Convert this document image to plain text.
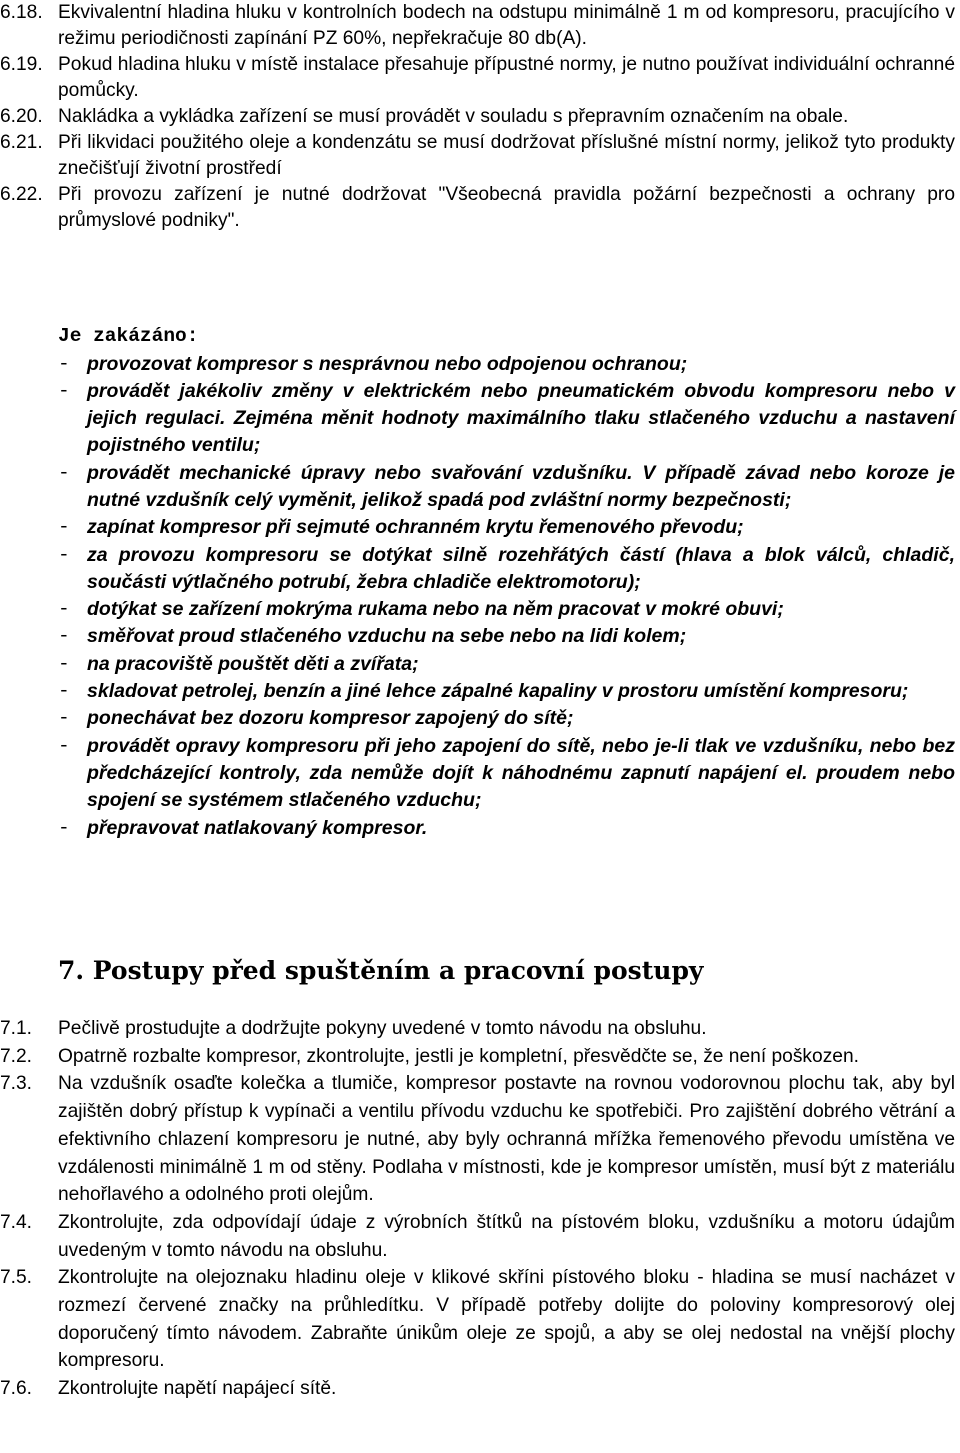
6.18. Ekvivalentní hladina hluku v kontrolních bodech na odstupu minimálně 1 m od kompresoru, pracujícího v režimu periodičnosti zapínání PZ 60%, nepřekračuje 80 db(A).
6.19. Pokud hladina hluku v místě instalace přesahuje přípustné normy, je nutno používat individuální ochranné pomůcky.
6.20. Nakládka a vykládka zařízení se musí provádět v souladu s přepravním označením na obale.
6.21. Při likvidaci použitého oleje a kondenzátu se musí dodržovat příslušné místní normy, jelikož tyto produkty znečišťují životní prostředí
6.22. Při provozu zařízení je nutné dodržovat "Všeobecná pravidla požární bezpečnosti a ochrany pro průmyslové podniky".
Je zakázáno:
- provozovat kompresor s nesprávnou nebo odpojenou ochranou;
- provádět jakékoliv změny v elektrickém nebo pneumatickém obvodu kompresoru nebo v jejich regulaci. Zejména měnit hodnoty maximálního tlaku stlačeného vzduchu a nastavení pojistného ventilu;
- provádět mechanické úpravy nebo svařování vzdušníku. V případě závad nebo koroze je nutné vzdušník celý vyměnit, jelikož spadá pod zvláštní normy bezpečnosti;
- zapínat kompresor při sejmuté ochranném krytu řemenového převodu;
- za provozu kompresoru se dotýkat silně rozehřátých částí (hlava a blok válců, chladič, součásti výtlačného potrubí, žebra chladiče elektromotoru);
- dotýkat se zařízení mokrýma rukama nebo na něm pracovat v mokré obuvi;
- směřovat proud stlačeného vzduchu na sebe nebo na lidi kolem;
- na pracoviště pouštět děti a zvířata;
- skladovat petrolej, benzín a jiné lehce zápalné kapaliny v prostoru umístění kompresoru;
- ponechávat bez dozoru kompresor zapojený do sítě;
- provádět opravy kompresoru při jeho zapojení do sítě, nebo je-li tlak ve vzdušníku, nebo bez předcházející kontroly, zda nemůže dojít k náhodnému zapnutí napájení el. proudem nebo spojení se systémem stlačeného vzduchu;
- přepravovat natlakovaný kompresor.
7. Postupy před spuštěním a pracovní postupy
7.1. Pečlivě prostudujte a dodržujte pokyny uvedené v tomto návodu na obsluhu.
7.2. Opatrně rozbalte kompresor, zkontrolujte, jestli je kompletní, přesvědčte se, že není poškozen.
7.3. Na vzdušník osaďte kolečka a tlumiče, kompresor postavte na rovnou vodorovnou plochu tak, aby byl zajištěn dobrý přístup k vypínači a ventilu přívodu vzduchu ke spotřebiči. Pro zajištění dobrého větrání a efektivního chlazení kompresoru je nutné, aby byly ochranná mřížka řemenového převodu umístěna ve vzdálenosti minimálně 1 m od stěny. Podlaha v místnosti, kde je kompresor umístěn, musí být z materiálu nehořlavého a odolného proti olejům.
7.4. Zkontrolujte, zda odpovídají údaje z výrobních štítků na pístovém bloku, vzdušníku a motoru údajům uvedeným v tomto návodu na obsluhu.
7.5. Zkontrolujte na olejoznaku hladinu oleje v klikové skříni pístového bloku - hladina se musí nacházet v rozmezí červené značky na průhledítku. V případě potřeby dolijte do poloviny kompresorový olej doporučený tímto návodem. Zabraňte únikům oleje ze spojů, a aby se olej nedostal na vnější plochy kompresoru.
7.6. Zkontrolujte napětí napájecí sítě.
